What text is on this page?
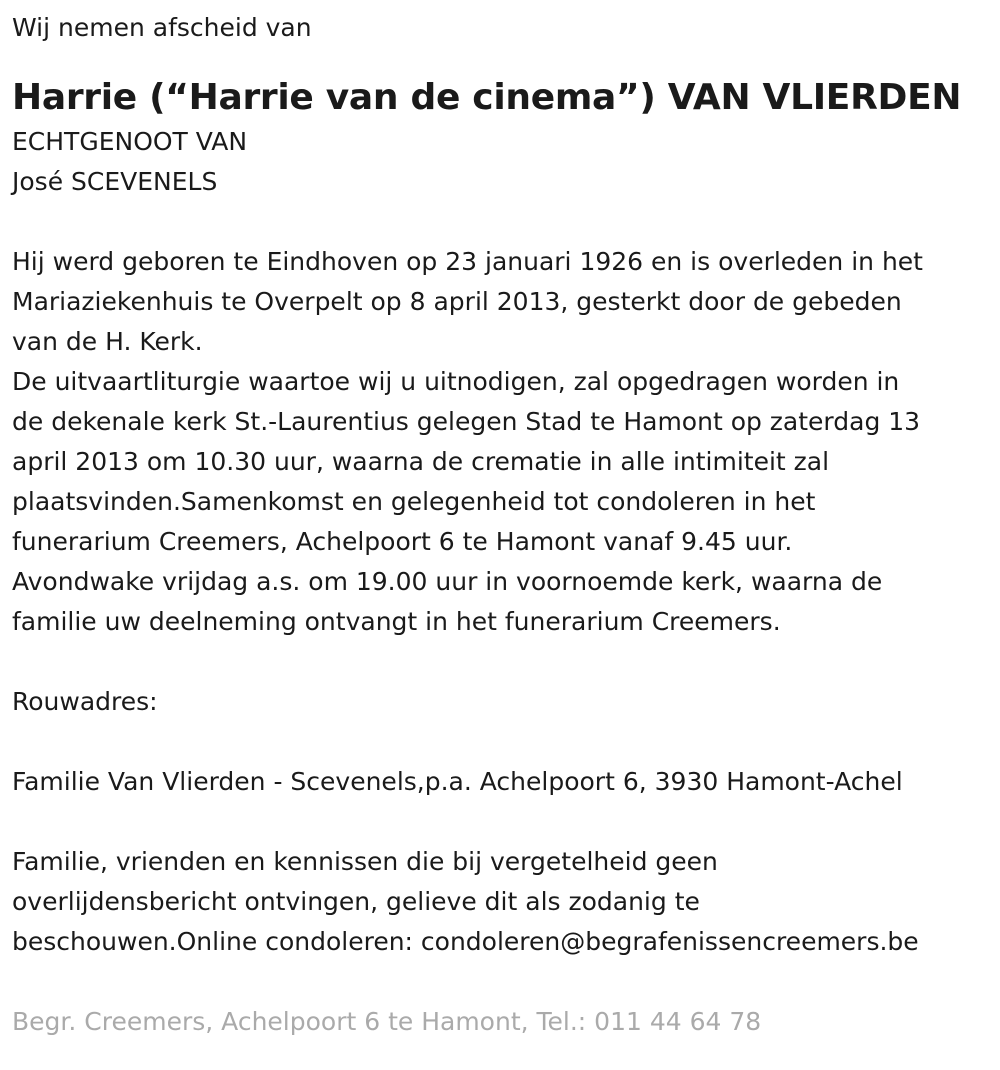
Wij nemen afscheid van

Harrie (“Harrie van de cinema”) VAN VLIERDEN

ECHTGENOOT VAN

José SCEVENELS

Hij werd geboren te Eindhoven op 23 januari 1926 en is overleden in het

Mariaziekenhuis te Overpelt op 8 april 2013, gesterkt door de gebeden

van de H. Kerk.

De uitvaartliturgie waartoe wij u uitnodigen, zal opgedragen worden in

de dekenale kerk St.-Laurentius gelegen Stad te Hamont op zaterdag 13

april 2013 om 10.30 uur, waarna de crematie in alle intimiteit zal

plaatsvinden.Samenkomst en gelegenheid tot condoleren in het

funerarium Creemers, Achelpoort 6 te Hamont vanaf 9.45 uur.

Avondwake vrijdag a.s. om 19.00 uur in voornoemde kerk, waarna de

familie uw deelneming ontvangt in het funerarium Creemers.

Rouwadres:

Familie Van Vlierden - Scevenels,p.a. Achelpoort 6, 3930 Hamont-Achel

Familie, vrienden en kennissen die bij vergetelheid geen

overlijdensbericht ontvingen, gelieve dit als zodanig te

beschouwen.Online condoleren: condoleren@begrafenissencreemers.be

Begr. Creemers, Achelpoort 6 te Hamont, Tel.: 011 44 64 78
